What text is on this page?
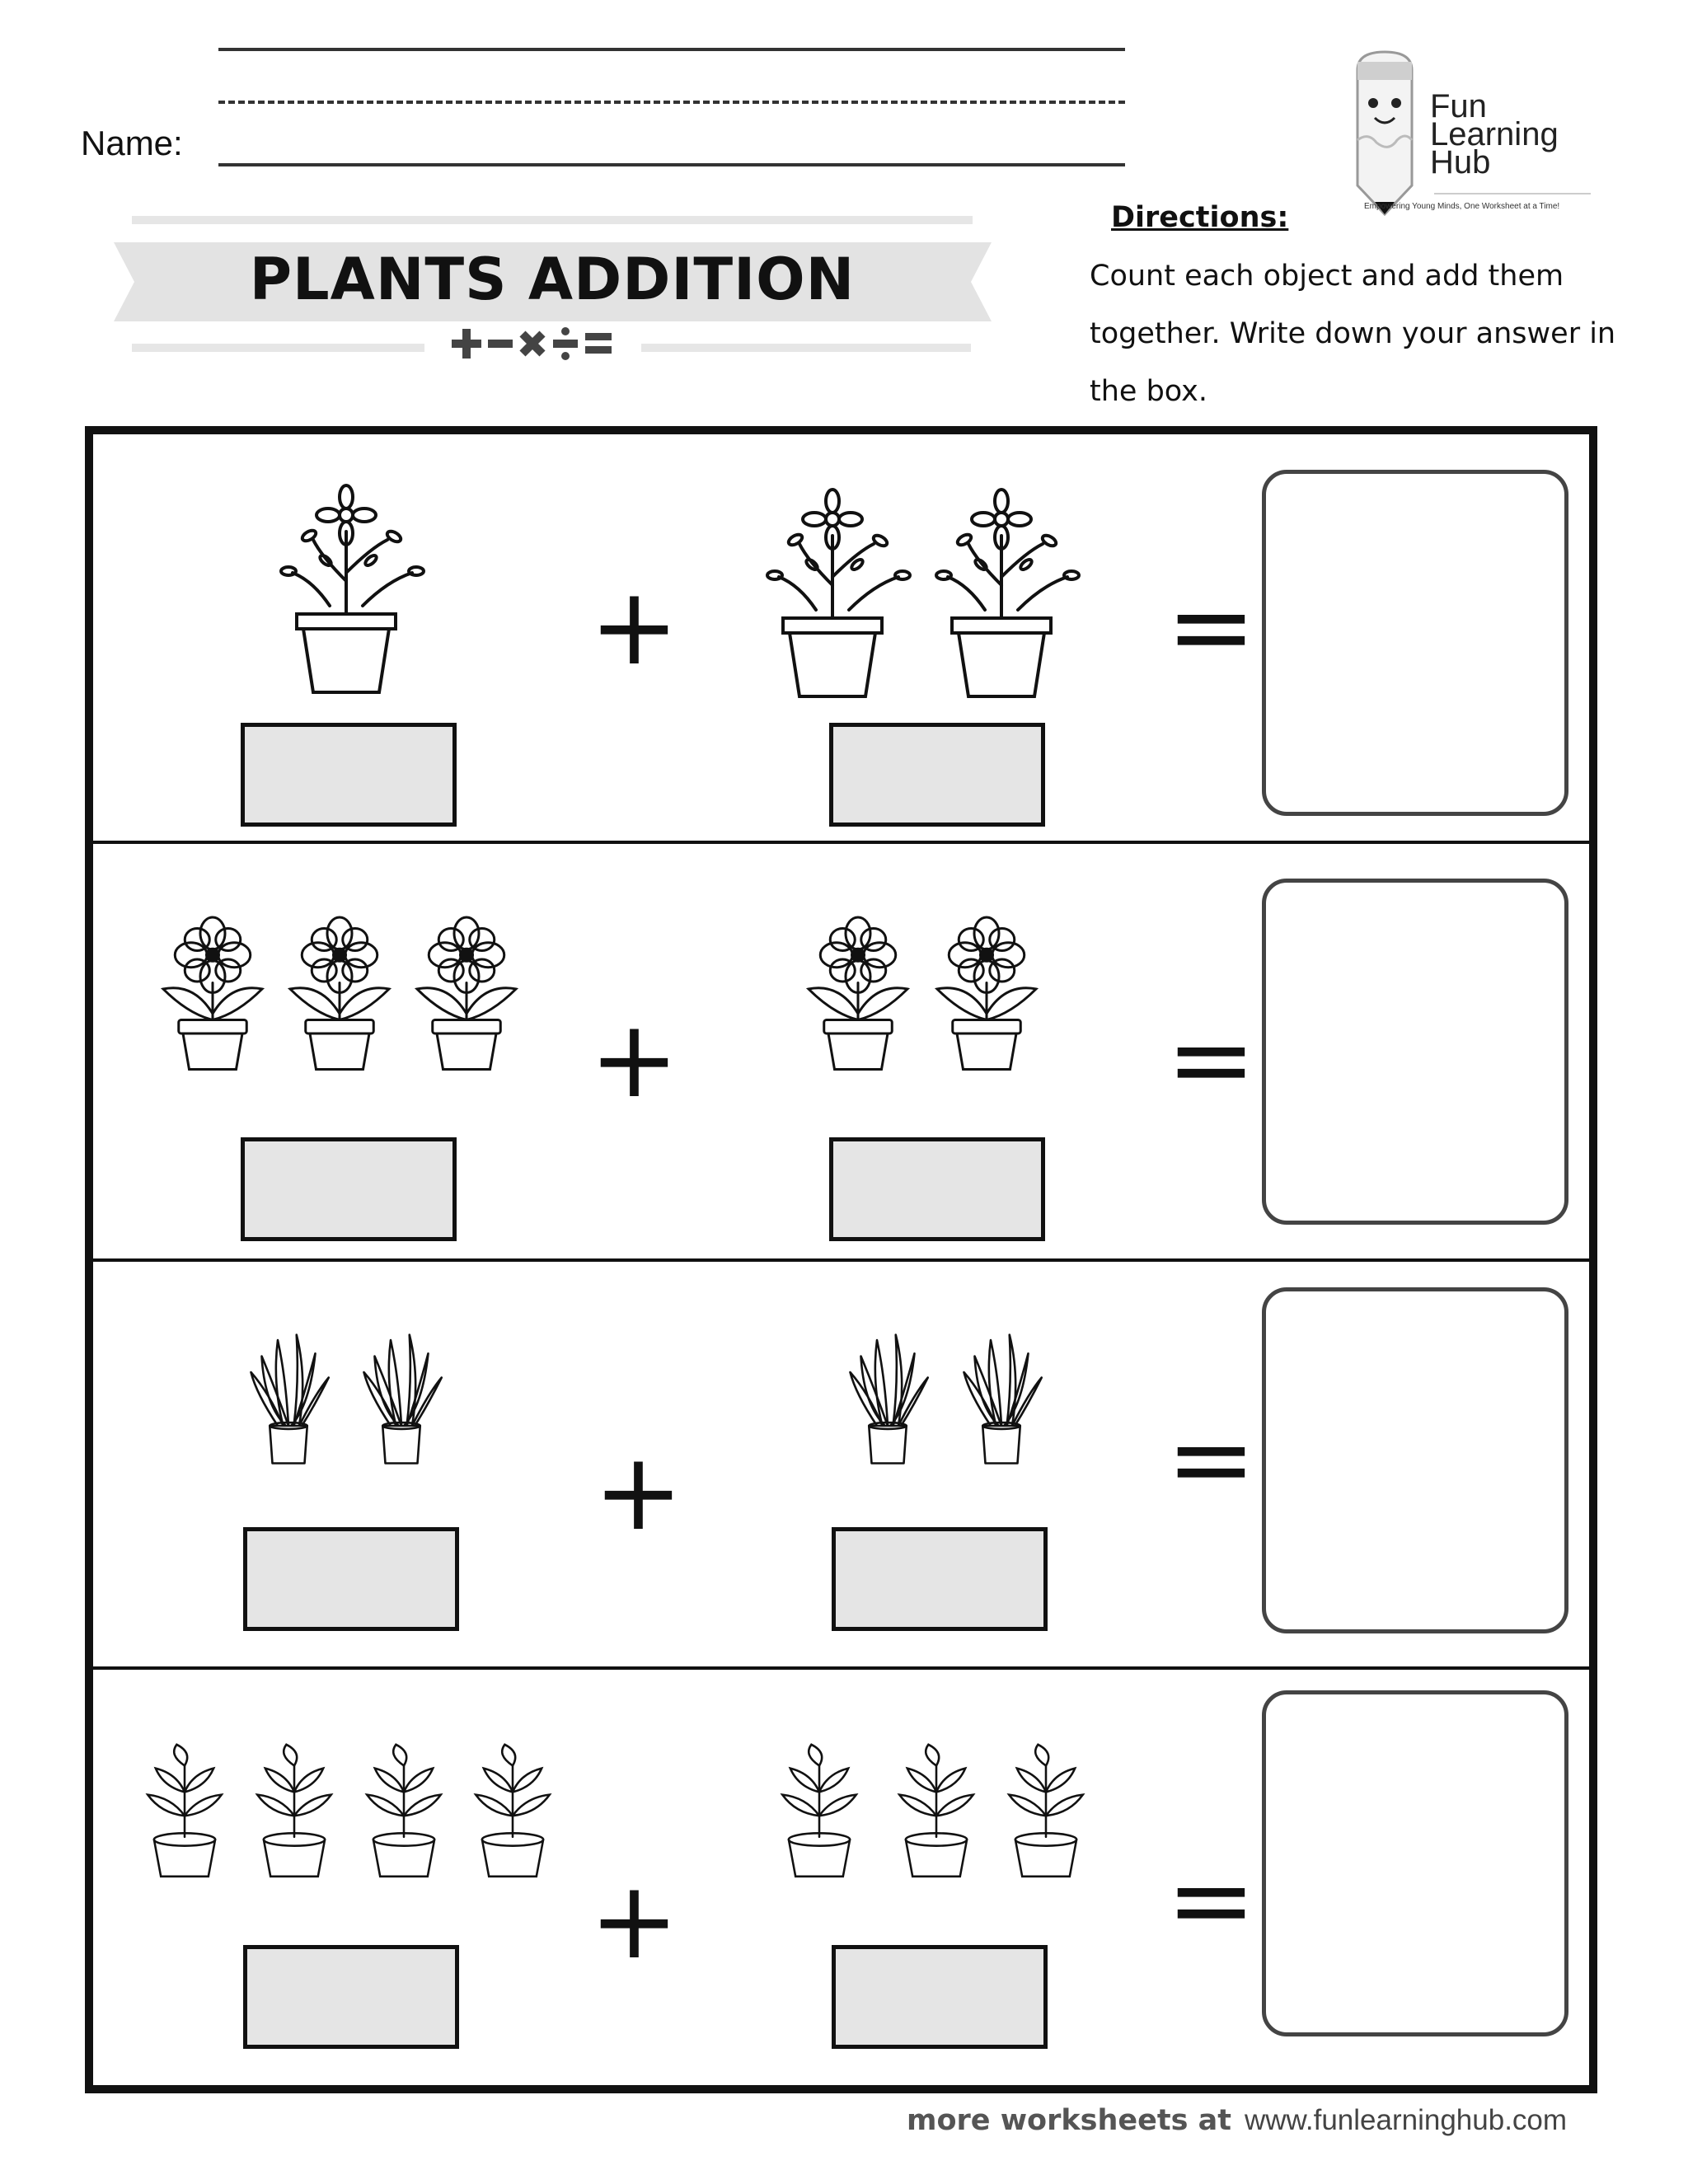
Name:
PLANTS ADDITION
Fun
Learning
Hub
Empowering Young Minds, One Worksheet at a Time!
Directions:
Count each object and add them together. Write down your answer in the box.
+	=
+	=
+	=
+	=
more worksheets at www.funlearninghub.com
